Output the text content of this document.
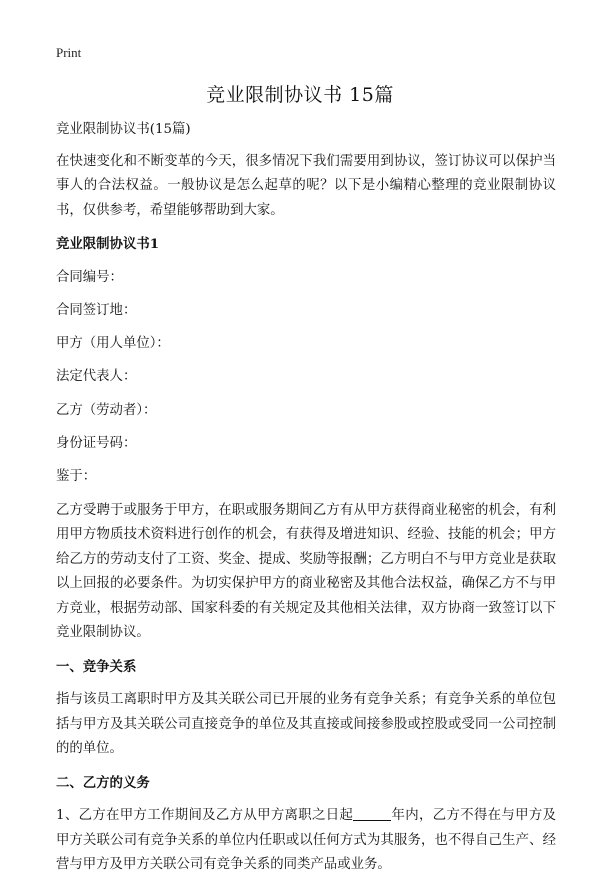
Print
竞业限制协议书 15篇

竞业限制协议书(15篇)

在快速变化和不断变革的今天，很多情况下我们需要用到协议，签订协议可以保护当事人的合法权益。一般协议是怎么起草的呢？以下是小编精心整理的竞业限制协议书，仅供参考，希望能够帮助到大家。

竞业限制协议书1

合同编号：

合同签订地：

甲方（用人单位）：

法定代表人：

乙方（劳动者）：

身份证号码：

鉴于：

乙方受聘于或服务于甲方，在职或服务期间乙方有从甲方获得商业秘密的机会，有利用甲方物质技术资料进行创作的机会，有获得及增进知识、经验、技能的机会；甲方给乙方的劳动支付了工资、奖金、提成、奖励等报酬；乙方明白不与甲方竞业是获取以上回报的必要条件。为切实保护甲方的商业秘密及其他合法权益，确保乙方不与甲方竞业，根据劳动部、国家科委的有关规定及其他相关法律，双方协商一致签订以下竞业限制协议。

一、竞争关系

指与该员工离职时甲方及其关联公司已开展的业务有竞争关系；有竞争关系的单位包括与甲方及其关联公司直接竞争的单位及其直接或间接参股或控股或受同一公司控制的的单位。

二、乙方的义务

1、乙方在甲方工作期间及乙方从甲方离职之日起	年内，乙方不得在与甲方及甲方关联公司有竞争关系的单位内任职或以任何方式为其服务，也不得自己生产、经营与甲方及甲方关联公司有竞争关系的同类产品或业务。
